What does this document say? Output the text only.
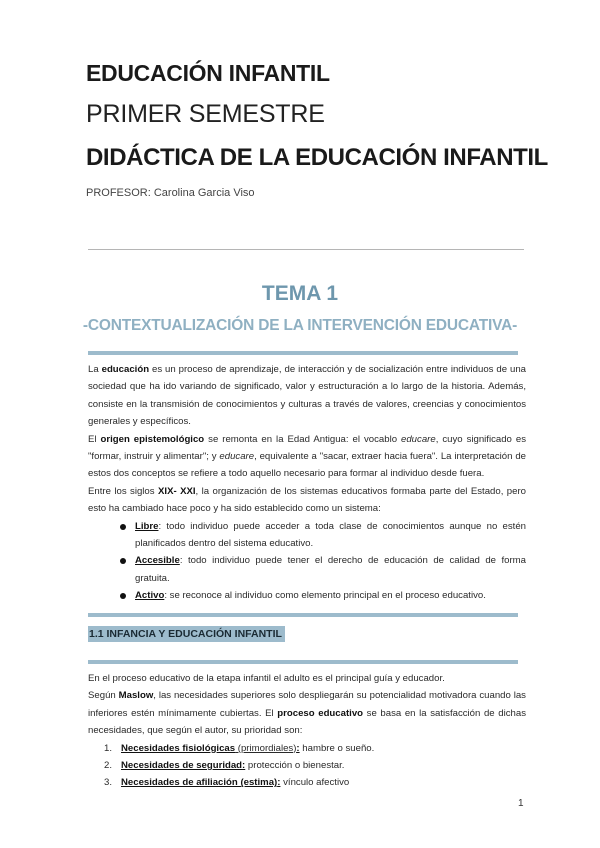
EDUCACIÓN INFANTIL
PRIMER SEMESTRE
DIDÁCTICA DE LA EDUCACIÓN INFANTIL
PROFESOR: Carolina Garcia Viso
TEMA 1
-CONTEXTUALIZACIÓN DE LA INTERVENCIÓN EDUCATIVA-

La educación es un proceso de aprendizaje, de interacción y de socialización entre individuos de una sociedad que ha ido variando de significado, valor y estructuración a lo largo de la historia. Además, consiste en la transmisión de conocimientos y culturas a través de valores, creencias y conocimientos generales y específicos.

El origen epistemológico se remonta en la Edad Antigua: el vocablo educare, cuyo significado es "formar, instruir y alimentar"; y educare, equivalente a "sacar, extraer hacia fuera". La interpretación de estos dos conceptos se refiere a todo aquello necesario para formar al individuo desde fuera.

Entre los siglos XIX- XXI, la organización de los sistemas educativos formaba parte del Estado, pero esto ha cambiado hace poco y ha sido establecido como un sistema:

Libre: todo individuo puede acceder a toda clase de conocimientos aunque no estén planificados dentro del sistema educativo.
Accesible: todo individuo puede tener el derecho de educación de calidad de forma gratuita.
Activo: se reconoce al individuo como elemento principal en el proceso educativo.
1.1 INFANCIA Y EDUCACIÓN INFANTIL

En el proceso educativo de la etapa infantil el adulto es el principal guía y educador.

Según Maslow, las necesidades superiores solo despliegarán su potencialidad motivadora cuando las inferiores estén mínimamente cubiertas. El proceso educativo se basa en la satisfacción de dichas necesidades, que según el autor, su prioridad son:

1. Necesidades fisiológicas (primordiales): hambre o sueño.
2. Necesidades de seguridad: protección o bienestar.
3. Necesidades de afiliación (estima): vínculo afectivo
1
